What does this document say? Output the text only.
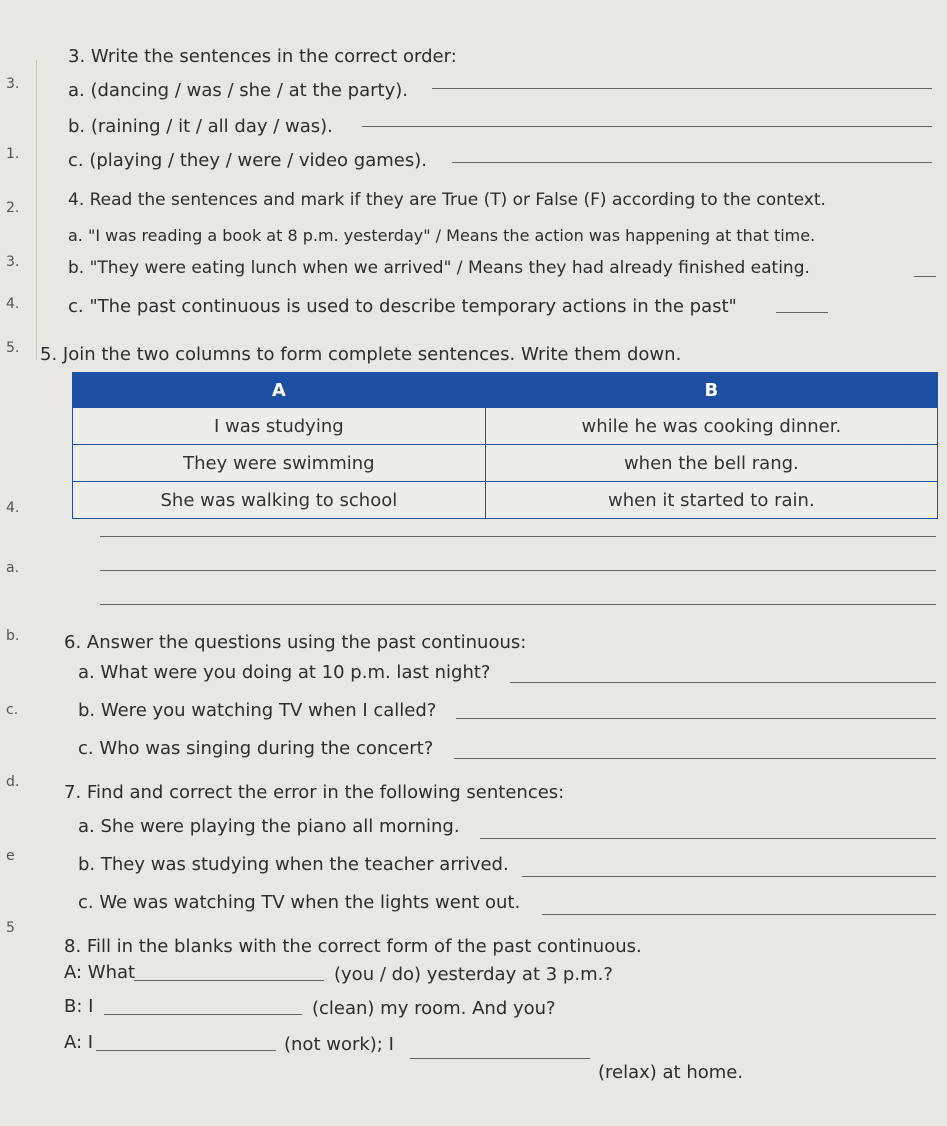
3.
1.
2.
3.
4.
5.
4.
a.
b.
c.
d.
e
5
3. Write the sentences in the correct order:
a. (dancing / was / she / at the party).
b. (raining / it / all day / was).
c. (playing / they / were / video games).
4. Read the sentences and mark if they are True (T) or False (F) according to the context.
a. "I was reading a book at 8 p.m. yesterday" / Means the action was happening at that time.
b. "They were eating lunch when we arrived" / Means they had already finished eating.
c. "The past continuous is used to describe temporary actions in the past"
5. Join the two columns to form complete sentences. Write them down.
A	B
I was studying	while he was cooking dinner.
They were swimming	when the bell rang.
She was walking to school	when it started to rain.
6. Answer the questions using the past continuous:
a. What were you doing at 10 p.m. last night?
b. Were you watching TV when I called?
c. Who was singing during the concert?
7. Find and correct the error in the following sentences:
a. She were playing the piano all morning.
b. They was studying when the teacher arrived.
c. We was watching TV when the lights went out.
8. Fill in the blanks with the correct form of the past continuous.
A: What	(you / do) yesterday at 3 p.m.?
B: I	(clean) my room. And you?
A: I	(not work); I
(relax) at home.
